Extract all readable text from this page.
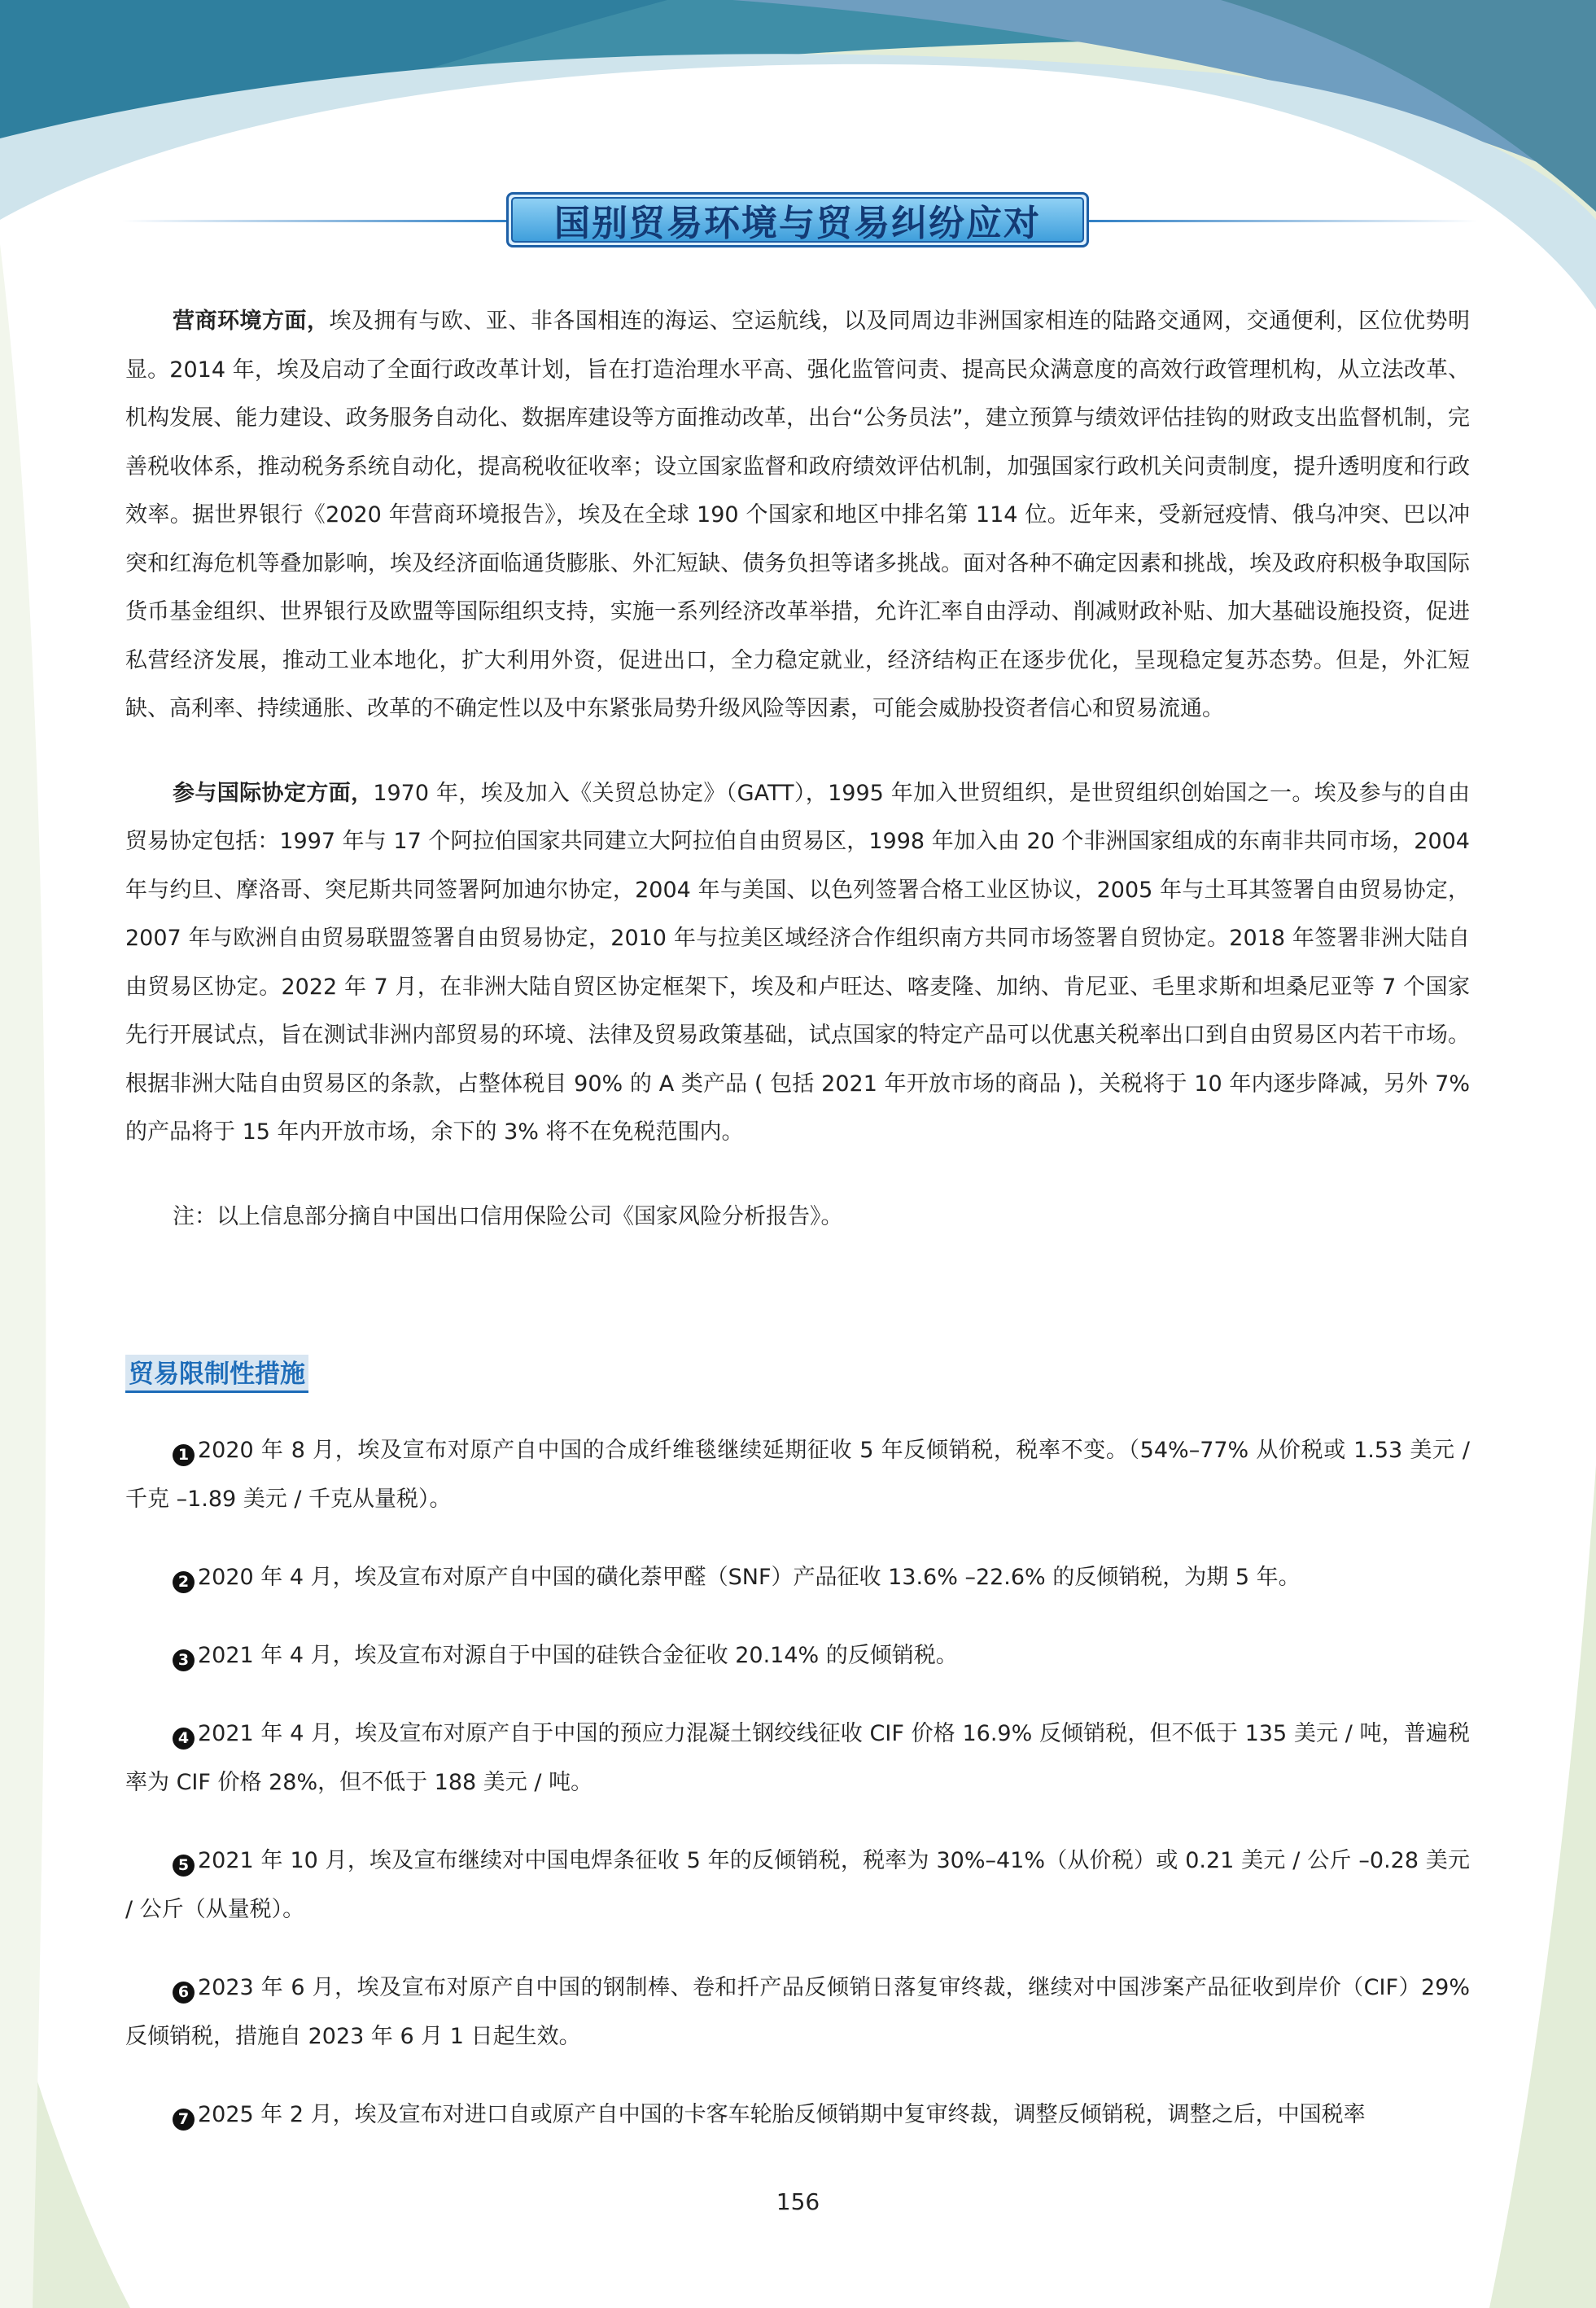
国别贸易环境与贸易纠纷应对

营商环境方面，埃及拥有与欧、亚、非各国相连的海运、空运航线，以及同周边非洲国家相连的陆路交通网，交通便利，区位优势明显。2014 年，埃及启动了全面行政改革计划，旨在打造治理水平高、强化监管问责、提高民众满意度的高效行政管理机构，从立法改革、机构发展、能力建设、政务服务自动化、数据库建设等方面推动改革，出台“公务员法”，建立预算与绩效评估挂钩的财政支出监督机制，完善税收体系，推动税务系统自动化，提高税收征收率；设立国家监督和政府绩效评估机制，加强国家行政机关问责制度，提升透明度和行政效率。据世界银行《2020 年营商环境报告》，埃及在全球 190 个国家和地区中排名第 114 位。近年来，受新冠疫情、俄乌冲突、巴以冲突和红海危机等叠加影响，埃及经济面临通货膨胀、外汇短缺、债务负担等诸多挑战。面对各种不确定因素和挑战，埃及政府积极争取国际货币基金组织、世界银行及欧盟等国际组织支持，实施一系列经济改革举措，允许汇率自由浮动、削减财政补贴、加大基础设施投资，促进私营经济发展，推动工业本地化，扩大利用外资，促进出口，全力稳定就业，经济结构正在逐步优化，呈现稳定复苏态势。但是，外汇短缺、高利率、持续通胀、改革的不确定性以及中东紧张局势升级风险等因素，可能会威胁投资者信心和贸易流通。

参与国际协定方面，1970 年，埃及加入《关贸总协定》（GATT），1995 年加入世贸组织，是世贸组织创始国之一。埃及参与的自由贸易协定包括：1997 年与 17 个阿拉伯国家共同建立大阿拉伯自由贸易区，1998 年加入由 20 个非洲国家组成的东南非共同市场，2004 年与约旦、摩洛哥、突尼斯共同签署阿加迪尔协定，2004 年与美国、以色列签署合格工业区协议，2005 年与土耳其签署自由贸易协定，2007 年与欧洲自由贸易联盟签署自由贸易协定，2010 年与拉美区域经济合作组织南方共同市场签署自贸协定。2018 年签署非洲大陆自由贸易区协定。2022 年 7 月，在非洲大陆自贸区协定框架下，埃及和卢旺达、喀麦隆、加纳、肯尼亚、毛里求斯和坦桑尼亚等 7 个国家先行开展试点，旨在测试非洲内部贸易的环境、法律及贸易政策基础，试点国家的特定产品可以优惠关税率出口到自由贸易区内若干市场。根据非洲大陆自由贸易区的条款，占整体税目 90% 的 A 类产品 ( 包括 2021 年开放市场的商品 )，关税将于 10 年内逐步降减，另外 7% 的产品将于 15 年内开放市场，余下的 3% 将不在免税范围内。

注：以上信息部分摘自中国出口信用保险公司《国家风险分析报告》。

贸易限制性措施

1 2020 年 8 月，埃及宣布对原产自中国的合成纤维毯继续延期征收 5 年反倾销税，税率不变。（54%–77% 从价税或 1.53 美元 / 千克 –1.89 美元 / 千克从量税）。

2 2020 年 4 月，埃及宣布对原产自中国的磺化萘甲醛（SNF）产品征收 13.6% –22.6% 的反倾销税，为期 5 年。

3 2021 年 4 月，埃及宣布对源自于中国的硅铁合金征收 20.14% 的反倾销税。

4 2021 年 4 月，埃及宣布对原产自于中国的预应力混凝土钢绞线征收 CIF 价格 16.9% 反倾销税，但不低于 135 美元 / 吨，普遍税率为 CIF 价格 28%，但不低于 188 美元 / 吨。

5 2021 年 10 月，埃及宣布继续对中国电焊条征收 5 年的反倾销税，税率为 30%–41%（从价税）或 0.21 美元 / 公斤 –0.28 美元 / 公斤（从量税）。

6 2023 年 6 月，埃及宣布对原产自中国的钢制棒、卷和扦产品反倾销日落复审终裁，继续对中国涉案产品征收到岸价（CIF）29% 反倾销税，措施自 2023 年 6 月 1 日起生效。

7 2025 年 2 月，埃及宣布对进口自或原产自中国的卡客车轮胎反倾销期中复审终裁，调整反倾销税，调整之后，中国税率

156
